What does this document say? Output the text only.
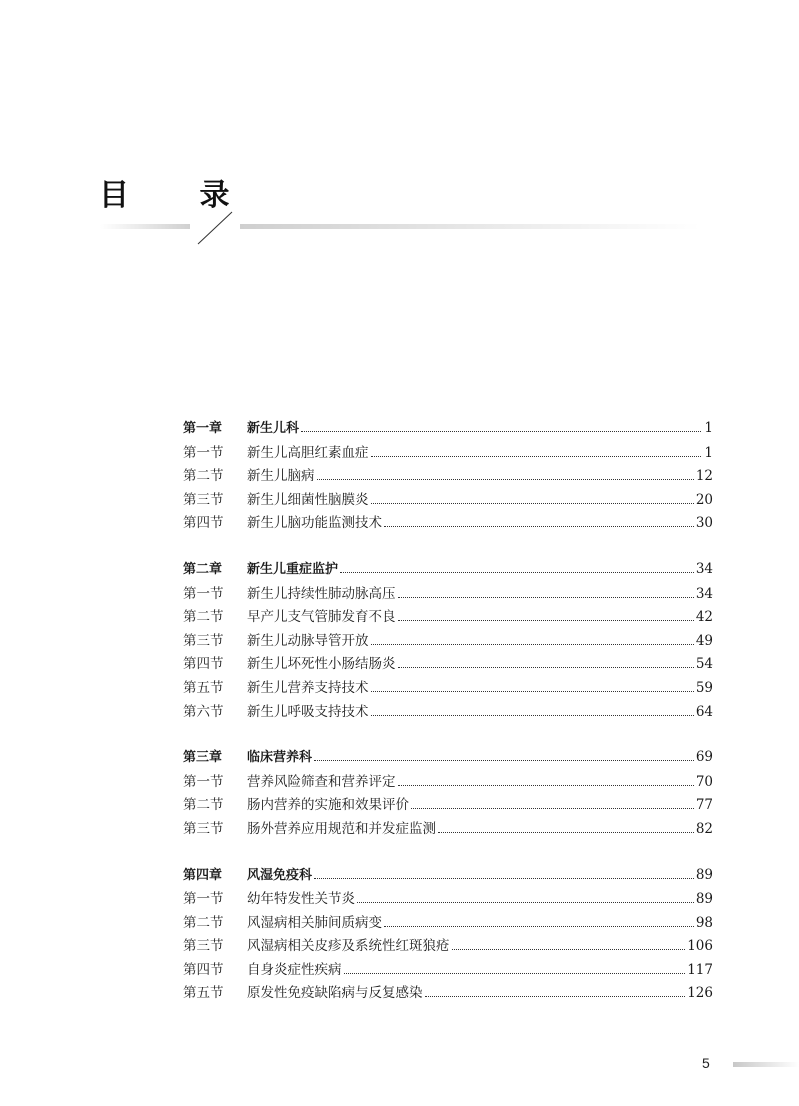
目 录
第一章	新生儿科	1
第一节	新生儿高胆红素血症	1
第二节	新生儿脑病	12
第三节	新生儿细菌性脑膜炎	20
第四节	新生儿脑功能监测技术	30
第二章	新生儿重症监护	34
第一节	新生儿持续性肺动脉高压	34
第二节	早产儿支气管肺发育不良	42
第三节	新生儿动脉导管开放	49
第四节	新生儿坏死性小肠结肠炎	54
第五节	新生儿营养支持技术	59
第六节	新生儿呼吸支持技术	64
第三章	临床营养科	69
第一节	营养风险筛查和营养评定	70
第二节	肠内营养的实施和效果评价	77
第三节	肠外营养应用规范和并发症监测	82
第四章	风湿免疫科	89
第一节	幼年特发性关节炎	89
第二节	风湿病相关肺间质病变	98
第三节	风湿病相关皮疹及系统性红斑狼疮	106
第四节	自身炎症性疾病	117
第五节	原发性免疫缺陷病与反复感染	126
5
